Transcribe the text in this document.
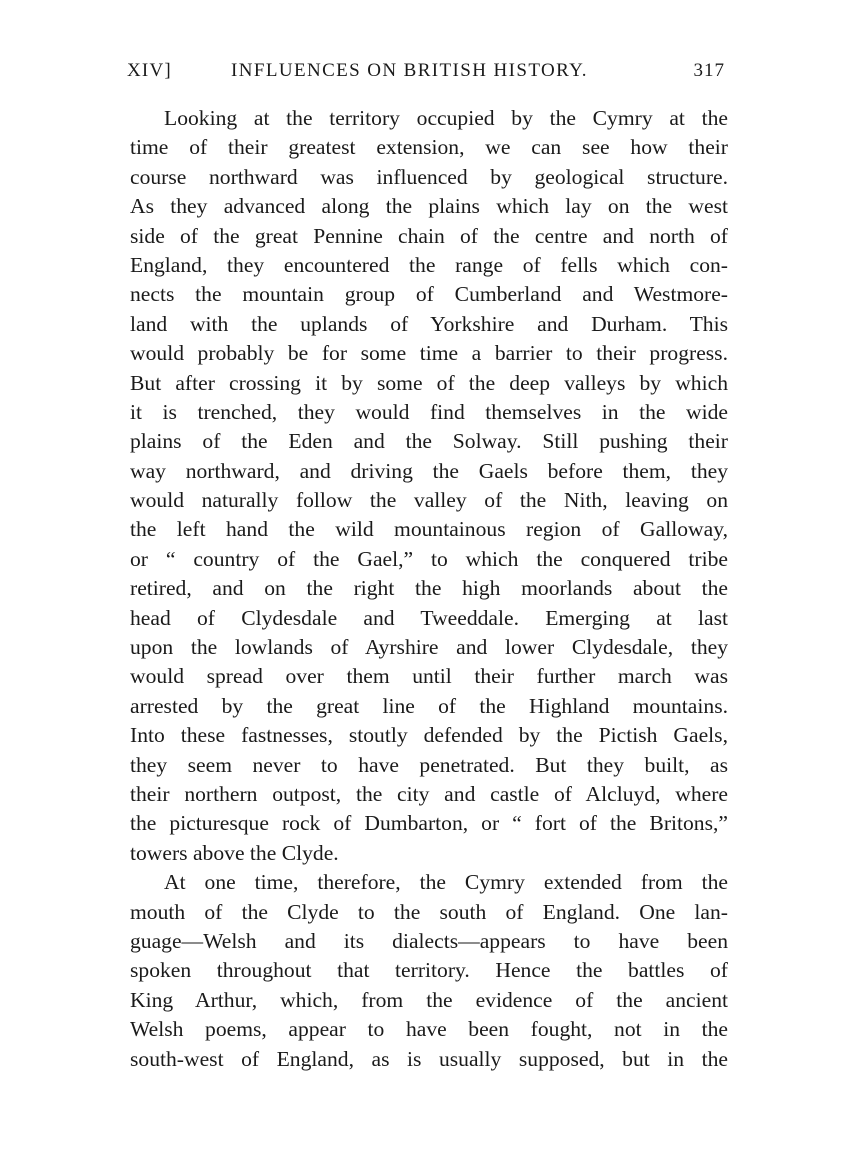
XIV]	INFLUENCES ON BRITISH HISTORY.	317
Looking at the territory occupied by the Cymry at the
time of their greatest extension, we can see how their
course northward was influenced by geological structure.
As they advanced along the plains which lay on the west
side of the great Pennine chain of the centre and north of
England, they encountered the range of fells which con-
nects the mountain group of Cumberland and Westmore-
land with the uplands of Yorkshire and Durham. This
would probably be for some time a barrier to their progress.
But after crossing it by some of the deep valleys by which
it is trenched, they would find themselves in the wide
plains of the Eden and the Solway. Still pushing their
way northward, and driving the Gaels before them, they
would naturally follow the valley of the Nith, leaving on
the left hand the wild mountainous region of Galloway,
or “ country of the Gael,” to which the conquered tribe
retired, and on the right the high moorlands about the
head of Clydesdale and Tweeddale. Emerging at last
upon the lowlands of Ayrshire and lower Clydesdale, they
would spread over them until their further march was
arrested by the great line of the Highland mountains.
Into these fastnesses, stoutly defended by the Pictish Gaels,
they seem never to have penetrated. But they built, as
their northern outpost, the city and castle of Alcluyd, where
the picturesque rock of Dumbarton, or “ fort of the Britons,”
towers above the Clyde.
At one time, therefore, the Cymry extended from the
mouth of the Clyde to the south of England. One lan-
guage—Welsh and its dialects—appears to have been
spoken throughout that territory. Hence the battles of
King Arthur, which, from the evidence of the ancient
Welsh poems, appear to have been fought, not in the
south-west of England, as is usually supposed, but in the
